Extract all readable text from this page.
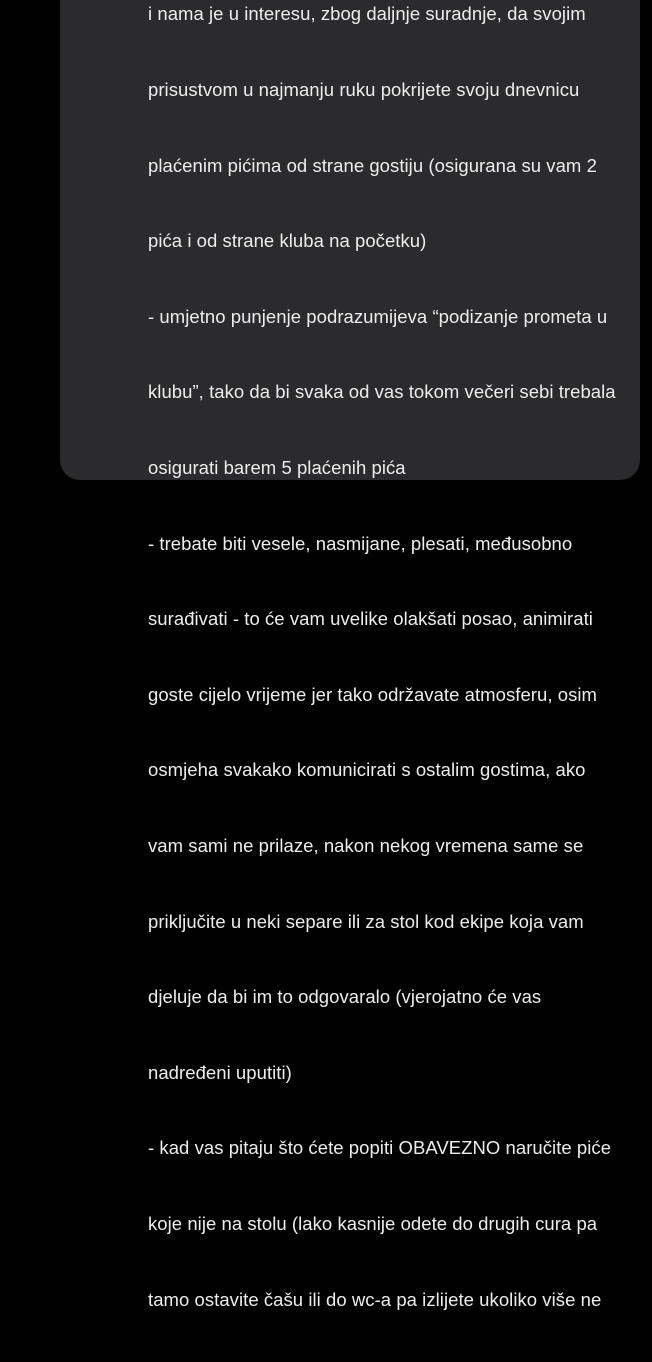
i nama je u interesu, zbog daljnje suradnje, da svojim

prisustvom u najmanju ruku pokrijete svoju dnevnicu

plaćenim pićima od strane gostiju (osigurana su vam 2

pića i od strane kluba na početku)

- umjetno punjenje podrazumijeva “podizanje prometa u

klubu”, tako da bi svaka od vas tokom večeri sebi trebala

osigurati barem 5 plaćenih pića

- trebate biti vesele, nasmijane, plesati, međusobno

surađivati - to će vam uvelike olakšati posao, animirati

goste cijelo vrijeme jer tako održavate atmosferu, osim

osmjeha svakako komunicirati s ostalim gostima, ako

vam sami ne prilaze, nakon nekog vremena same se

priključite u neki separe ili za stol kod ekipe koja vam

djeluje da bi im to odgovaralo (vjerojatno će vas

nadređeni uputiti)

- kad vas pitaju što ćete popiti OBAVEZNO naručite piće

koje nije na stolu (lako kasnije odete do drugih cura pa

tamo ostavite čašu ili do wc-a pa izlijete ukoliko više ne
